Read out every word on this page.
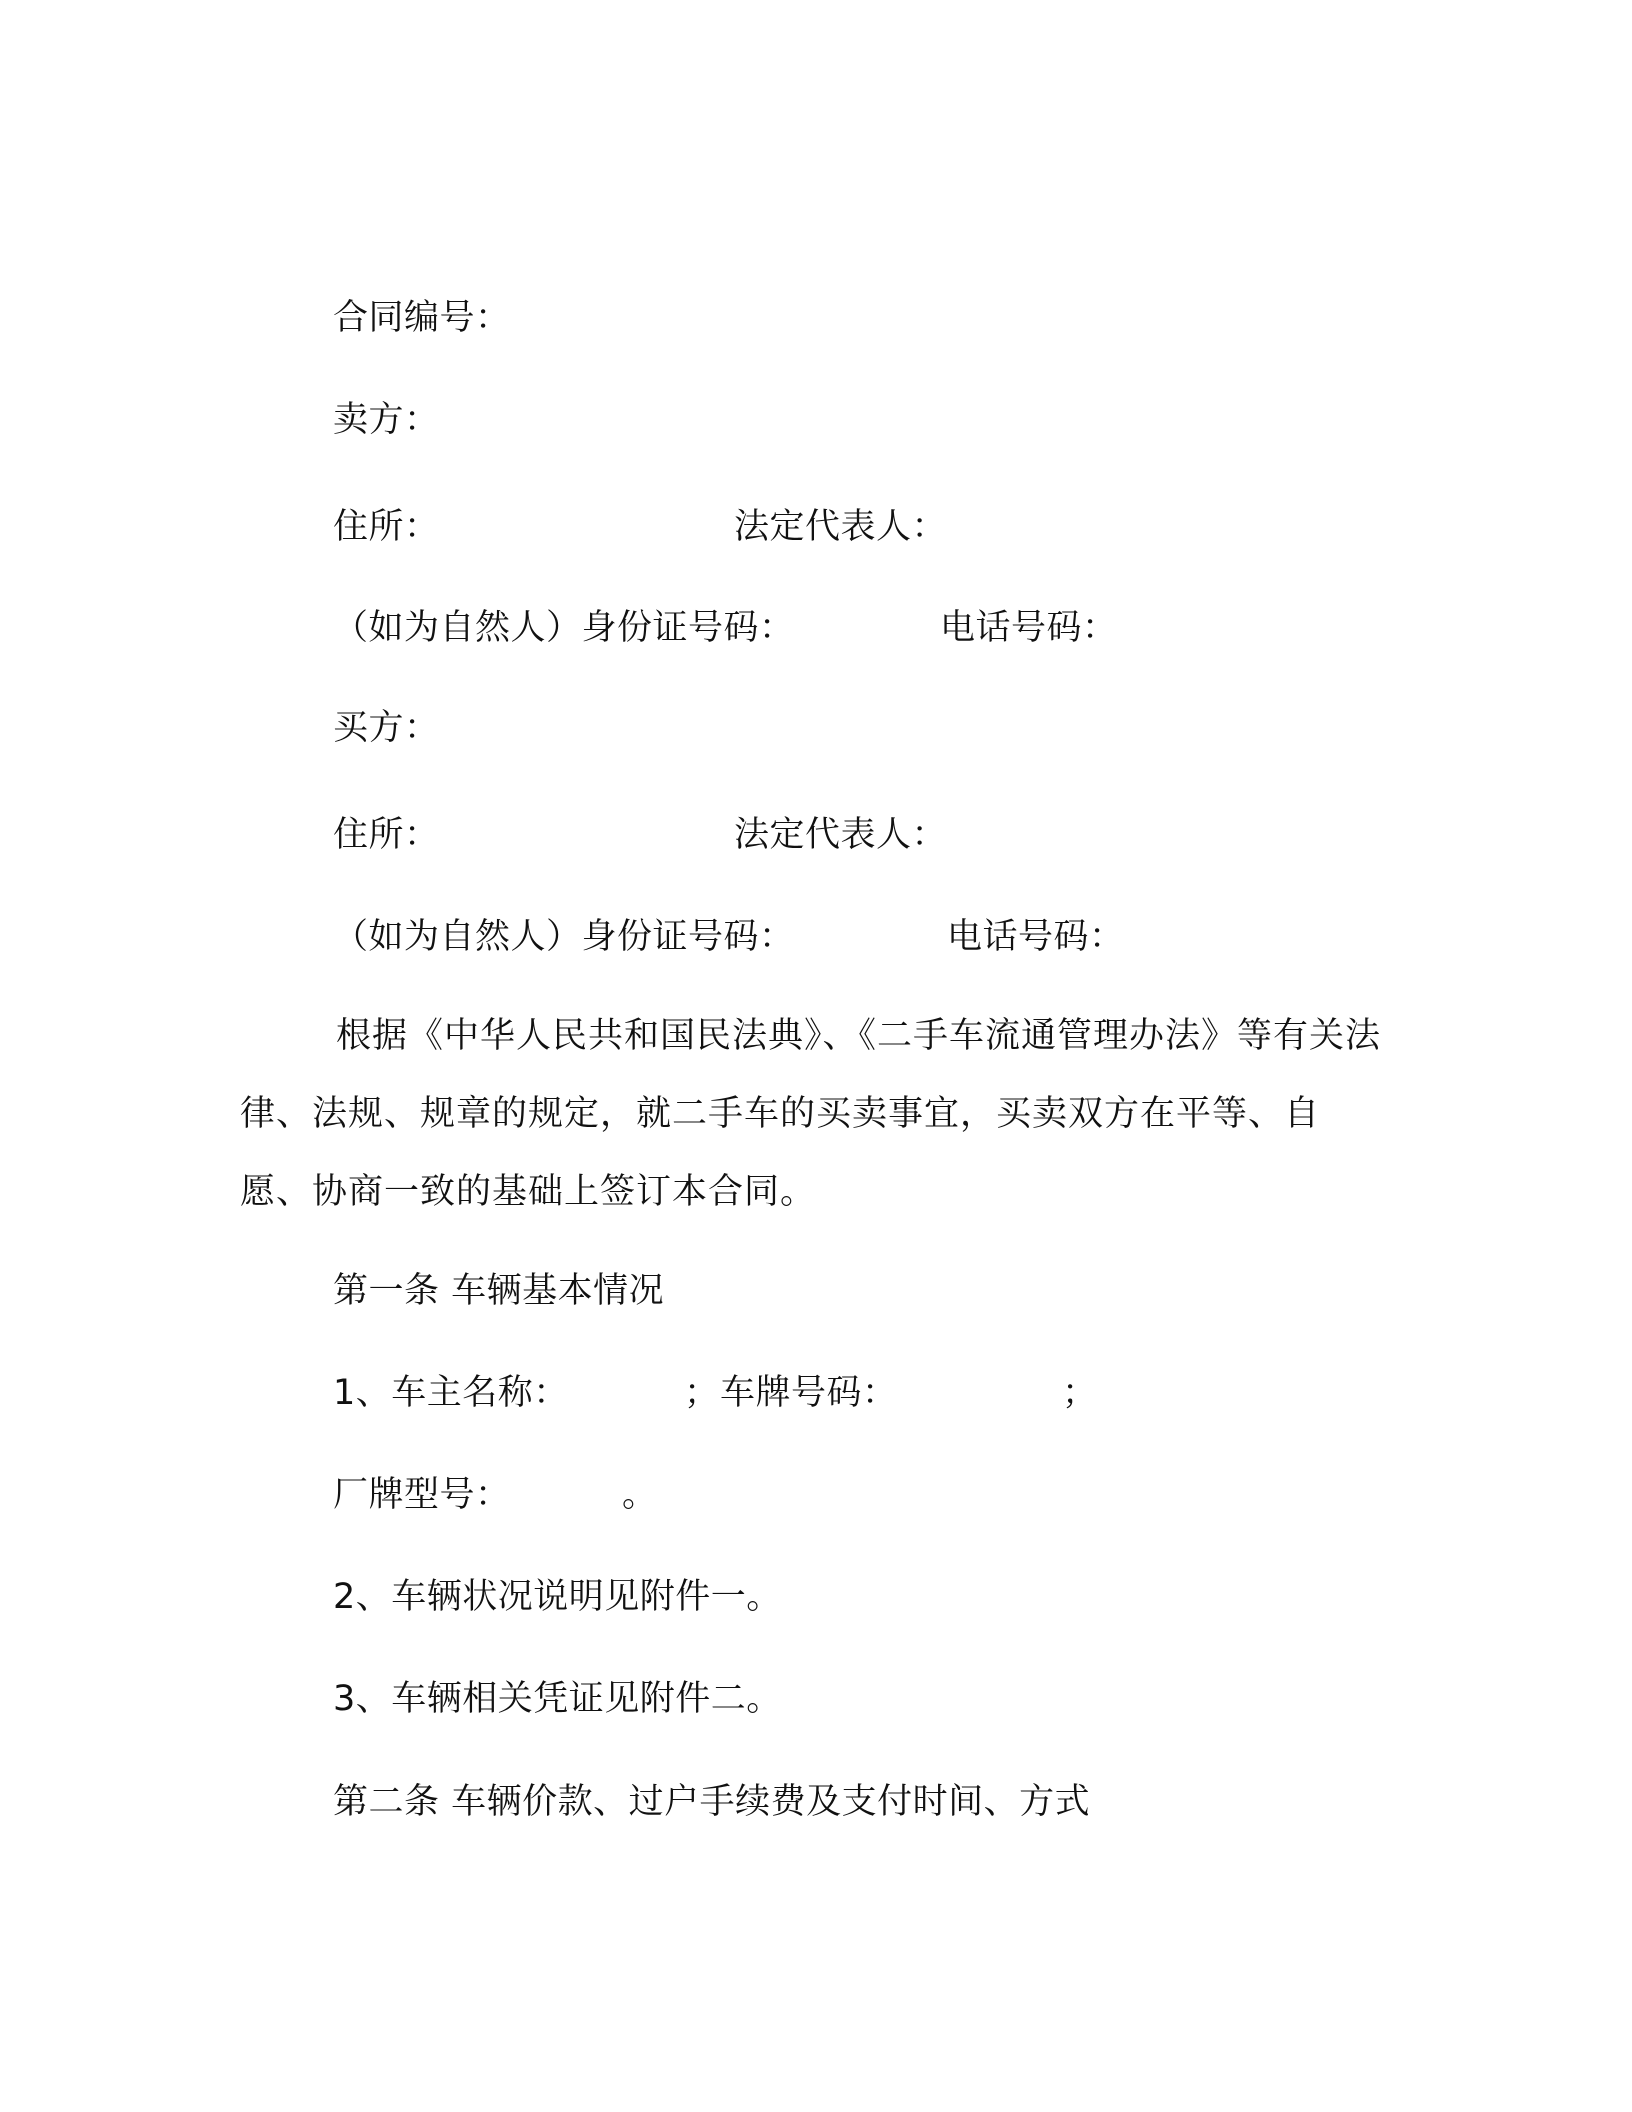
合同编号：
卖方：
住所：	法定代表人：
（如为自然人）身份证号码：	电话号码：
买方：
住所：	法定代表人：
（如为自然人）身份证号码：	电话号码：
根据《中华人民共和国民法典》、《二手车流通管理办法》等有关法律、法规、规章的规定，就二手车的买卖事宜，买卖双方在平等、自愿、协商一致的基础上签订本合同。
第一条 车辆基本情况
1、车主名称：	； 车牌号码：	；
厂牌型号：	。
2、车辆状况说明见附件一。
3、车辆相关凭证见附件二。
第二条 车辆价款、过户手续费及支付时间、方式
